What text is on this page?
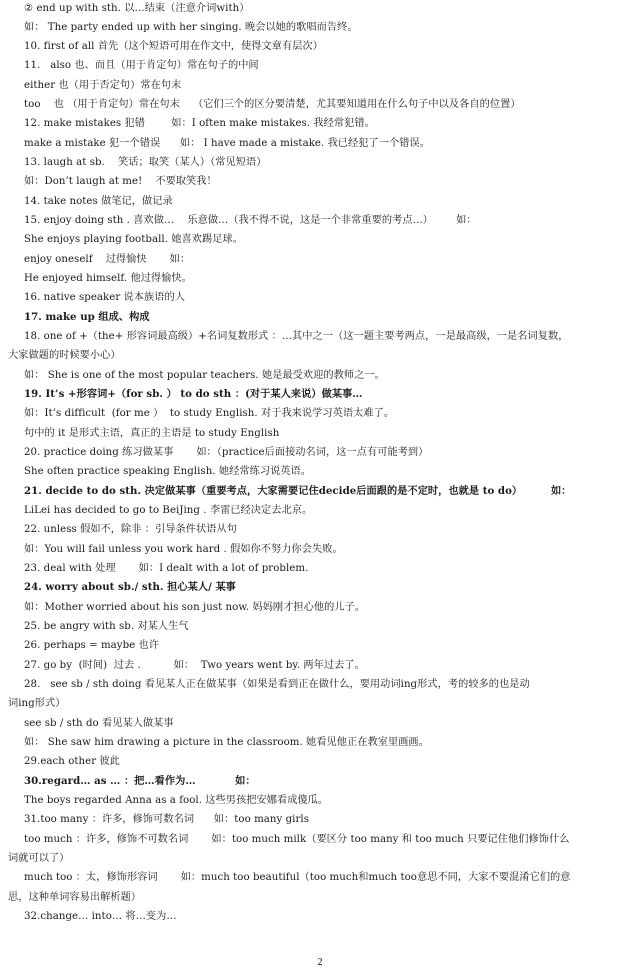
② end up with sth. 以…结束（注意介词with）
如： The party ended up with her singing. 晚会以她的歌唱而告终。
10. first of all 首先（这个短语可用在作文中，使得文章有层次）
11.   also 也、而且（用于肯定句）常在句子的中间
either 也（用于否定句）常在句末
too    也 （用于肯定句）常在句末    （它们三个的区分要清楚，尤其要知道用在什么句子中以及各自的位置）
12. make mistakes 犯错        如：I often make mistakes. 我经常犯错。
make a mistake 犯一个错误      如： I have made a mistake. 我已经犯了一个错误。
13. laugh at sb.    笑话；取笑（某人）（常见短语）
如：Don’t laugh at me!    不要取笑我！
14. take notes 做笔记，做记录
15. enjoy doing sth . 喜欢做…    乐意做…（我不得不说，这是一个非常重要的考点…）       如：
She enjoys playing football. 她喜欢踢足球。
enjoy oneself    过得愉快       如：
He enjoyed himself. 他过得愉快。
16. native speaker 说本族语的人
17. make up 组成、构成
18. one of +（the+ 形容词最高级）+名词复数形式 ：…其中之一（这一题主要考两点，一是最高级，一是名词复数，
大家做题的时候要小心）
如： She is one of the most popular teachers. 她是最受欢迎的教师之一。
19. It’s +形容词+（for sb. ） to do sth ：(对于某人来说）做某事…
如：It’s difficult  (for me ）  to study English. 对于我来说学习英语太难了。
句中的 it 是形式主语，真正的主语是 to study English
20. practice doing 练习做某事       如：（practice后面接动名词，这一点有可能考到）
She often practice speaking English. 她经常练习说英语。
21. decide to do sth. 决定做某事（重要考点，大家需要记住decide后面跟的是不定时，也就是 to do）        如：
LiLei has decided to go to BeiJing . 李雷已经决定去北京。
22. unless 假如不，除非 ：引导条件状语从句
如：You will fail unless you work hard . 假如你不努力你会失败。
23. deal with 处理       如：I dealt with a lot of problem.
24. worry about sb./ sth. 担心某人/ 某事
如：Mother worried about his son just now. 妈妈刚才担心他的儿子。
25. be angry with sb. 对某人生气
26. perhaps = maybe 也许
27. go by  (时间)  过去 .          如：  Two years went by. 两年过去了。
28.   see sb / sth doing 看见某人正在做某事（如果是看到正在做什么，要用动词ing形式，考的较多的也是动
词ing形式）
see sb / sth do 看见某人做某事
如： She saw him drawing a picture in the classroom. 她看见他正在教室里画画。
29.each other 彼此
30.regard… as … ：把…看作为…           如：
The boys regarded Anna as a fool. 这些男孩把安娜看成傻瓜。
31.too many ：许多，修饰可数名词      如：too many girls
too much ：许多，修饰不可数名词       如：too much milk（要区分 too many 和 too much 只要记住他们修饰什么
词就可以了）
much too ：太，修饰形容词       如：much too beautiful（too much和much too意思不同，大家不要混淆它们的意
思，这种单词容易出解析题）
32.change… into… 将…变为…
2
